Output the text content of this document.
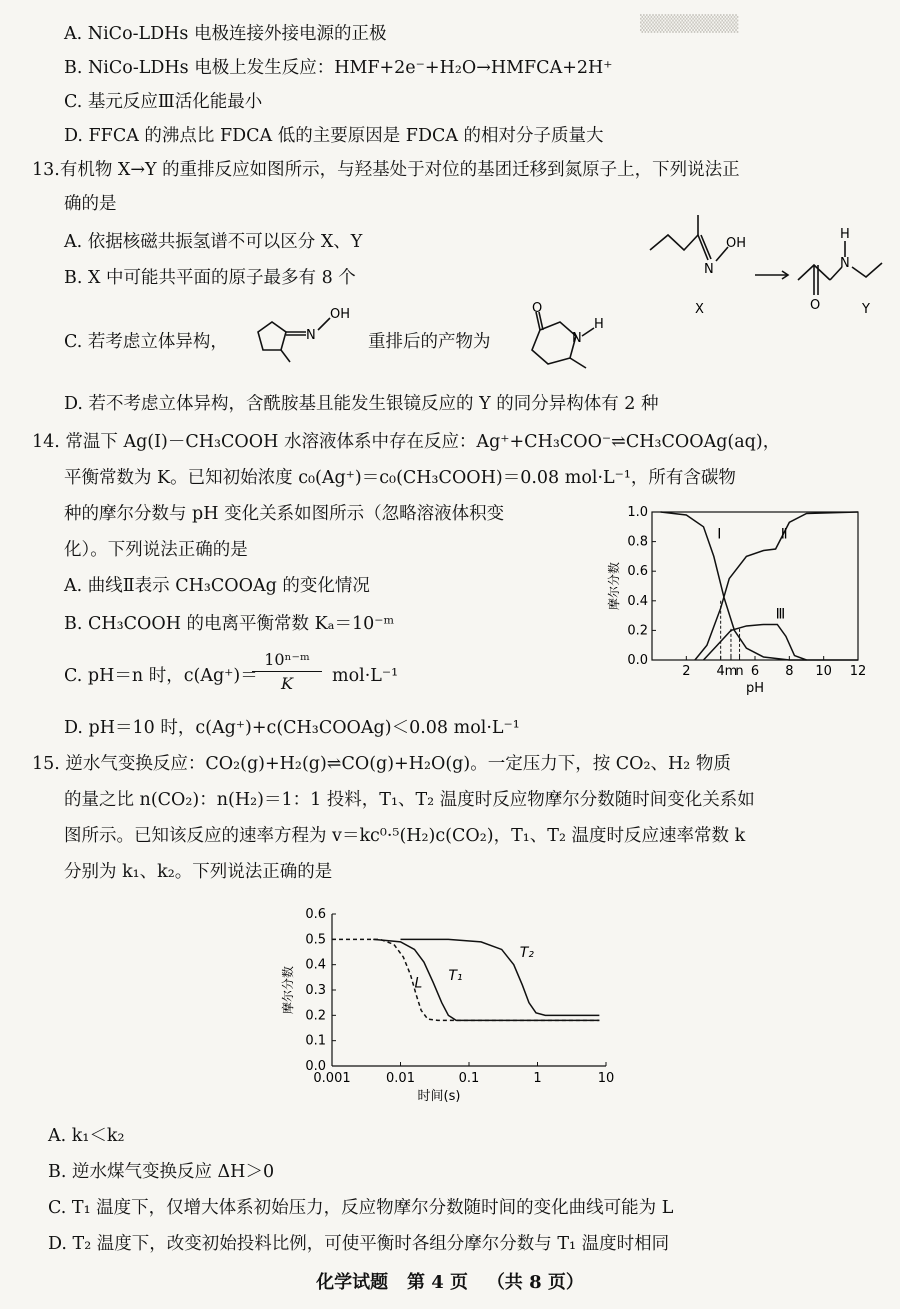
▒▒▒▒▒▒▒▒
A. NiCo-LDHs 电极连接外接电源的正极
B. NiCo-LDHs 电极上发生反应：HMF+2e⁻+H₂O→HMFCA+2H⁺
C. 基元反应Ⅲ活化能最小
D. FFCA 的沸点比 FDCA 低的主要原因是 FDCA 的相对分子质量大
13.有机物 X→Y 的重排反应如图所示，与羟基处于对位的基团迁移到氮原子上，下列说法正
确的是
A. 依据核磁共振氢谱不可以区分 X、Y
B. X 中可能共平面的原子最多有 8 个	N
OH
X
N
H
O	Y
C. 若考虑立体异构，	N
OH
重排后的产物为
O
N
H
D. 若不考虑立体异构，含酰胺基且能发生银镜反应的 Y 的同分异构体有 2 种
14. 常温下 Ag(Ⅰ)－CH₃COOH 水溶液体系中存在反应：Ag⁺+CH₃COO⁻⇌CH₃COOAg(aq)，
平衡常数为 K。已知初始浓度 c₀(Ag⁺)＝c₀(CH₃COOH)＝0.08 mol·L⁻¹，所有含碳物
种的摩尔分数与 pH 变化关系如图所示（忽略溶液体积变
化）。下列说法正确的是
A. 曲线Ⅱ表示 CH₃COOAg 的变化情况
B. CH₃COOH 的电离平衡常数 Kₐ＝10⁻ᵐ
C. pH＝n 时，c(Ag⁺)＝
$\frac{\text{10ⁿ⁻ᵐ}}{K} mol\cdot L^{-1}$
D. pH＝10 时，c(Ag⁺)+c(CH₃COOAg)＜0.08 mol·L⁻¹
2 4 m
n 6 8 10 12
0.0
0.2
0.4
0.6
0.8
1.0
pH
摩尔分数
Ⅰ	Ⅱ
Ⅲ
15. 逆水气变换反应：CO₂(g)+H₂(g)⇌CO(g)+H₂O(g)。一定压力下，按 CO₂、H₂ 物质
的量之比 n(CO₂)：n(H₂)＝1：1 投料，T₁、T₂ 温度时反应物摩尔分数随时间变化关系如
图所示。已知该反应的速率方程为 v＝kc⁰·⁵(H₂)c(CO₂)，T₁、T₂ 温度时反应速率常数 k
分别为 k₁、k₂。下列说法正确的是
0.001	0.01	0.1	1	10
0.0
0.1
0.2
0.3
0.4
0.5
0.6
时间(s)
摩尔分数	L T₁
T₂
A. k₁＜k₂
B. 逆水煤气变换反应 ΔH＞0
C. T₁ 温度下，仅增大体系初始压力，反应物摩尔分数随时间的变化曲线可能为 L
D. T₂ 温度下，改变初始投料比例，可使平衡时各组分摩尔分数与 T₁ 温度时相同
化学试题 第 4 页 （共 8 页）
